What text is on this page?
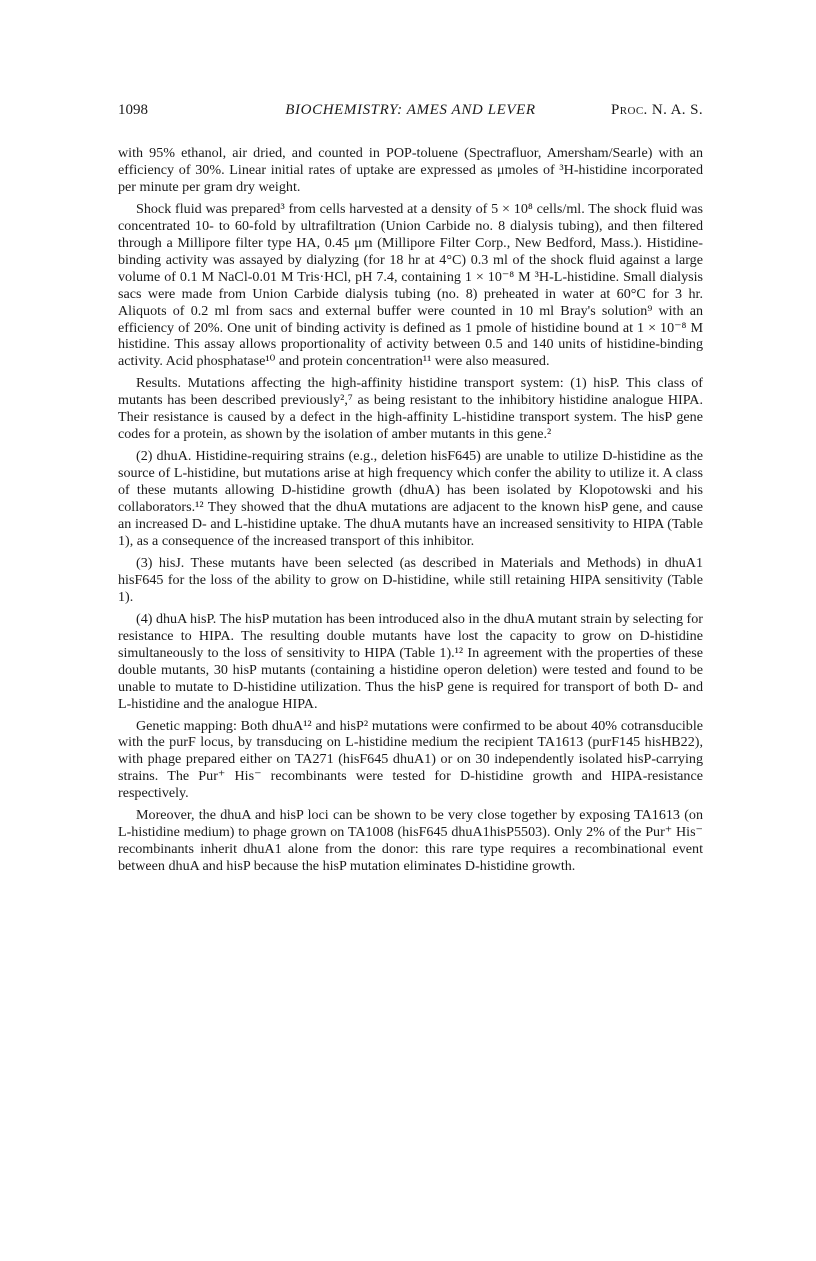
1098	BIOCHEMISTRY: AMES AND LEVER	Proc. N. A. S.

with 95% ethanol, air dried, and counted in POP-toluene (Spectrafluor, Amersham/Searle) with an efficiency of 30%. Linear initial rates of uptake are expressed as μmoles of ³H-histidine incorporated per minute per gram dry weight.

Shock fluid was prepared³ from cells harvested at a density of 5 × 10⁸ cells/ml. The shock fluid was concentrated 10- to 60-fold by ultrafiltration (Union Carbide no. 8 dialysis tubing), and then filtered through a Millipore filter type HA, 0.45 μm (Millipore Filter Corp., New Bedford, Mass.). Histidine-binding activity was assayed by dialyzing (for 18 hr at 4°C) 0.3 ml of the shock fluid against a large volume of 0.1 M NaCl-0.01 M Tris·HCl, pH 7.4, containing 1 × 10⁻⁸ M ³H-L-histidine. Small dialysis sacs were made from Union Carbide dialysis tubing (no. 8) preheated in water at 60°C for 3 hr. Aliquots of 0.2 ml from sacs and external buffer were counted in 10 ml Bray's solution⁹ with an efficiency of 20%. One unit of binding activity is defined as 1 pmole of histidine bound at 1 × 10⁻⁸ M histidine. This assay allows proportionality of activity between 0.5 and 140 units of histidine-binding activity. Acid phosphatase¹⁰ and protein concentration¹¹ were also measured.

Results. Mutations affecting the high-affinity histidine transport system: (1) hisP. This class of mutants has been described previously²,⁷ as being resistant to the inhibitory histidine analogue HIPA. Their resistance is caused by a defect in the high-affinity L-histidine transport system. The hisP gene codes for a protein, as shown by the isolation of amber mutants in this gene.²

(2) dhuA. Histidine-requiring strains (e.g., deletion hisF645) are unable to utilize D-histidine as the source of L-histidine, but mutations arise at high frequency which confer the ability to utilize it. A class of these mutants allowing D-histidine growth (dhuA) has been isolated by Klopotowski and his collaborators.¹² They showed that the dhuA mutations are adjacent to the known hisP gene, and cause an increased D- and L-histidine uptake. The dhuA mutants have an increased sensitivity to HIPA (Table 1), as a consequence of the increased transport of this inhibitor.

(3) hisJ. These mutants have been selected (as described in Materials and Methods) in dhuA1 hisF645 for the loss of the ability to grow on D-histidine, while still retaining HIPA sensitivity (Table 1).

(4) dhuA hisP. The hisP mutation has been introduced also in the dhuA mutant strain by selecting for resistance to HIPA. The resulting double mutants have lost the capacity to grow on D-histidine simultaneously to the loss of sensitivity to HIPA (Table 1).¹² In agreement with the properties of these double mutants, 30 hisP mutants (containing a histidine operon deletion) were tested and found to be unable to mutate to D-histidine utilization. Thus the hisP gene is required for transport of both D- and L-histidine and the analogue HIPA.

Genetic mapping: Both dhuA¹² and hisP² mutations were confirmed to be about 40% cotransducible with the purF locus, by transducing on L-histidine medium the recipient TA1613 (purF145 hisHB22), with phage prepared either on TA271 (hisF645 dhuA1) or on 30 independently isolated hisP-carrying strains. The Pur⁺ His⁻ recombinants were tested for D-histidine growth and HIPA-resistance respectively.

Moreover, the dhuA and hisP loci can be shown to be very close together by exposing TA1613 (on L-histidine medium) to phage grown on TA1008 (hisF645 dhuA1hisP5503). Only 2% of the Pur⁺ His⁻ recombinants inherit dhuA1 alone from the donor: this rare type requires a recombinational event between dhuA and hisP because the hisP mutation eliminates D-histidine growth.
